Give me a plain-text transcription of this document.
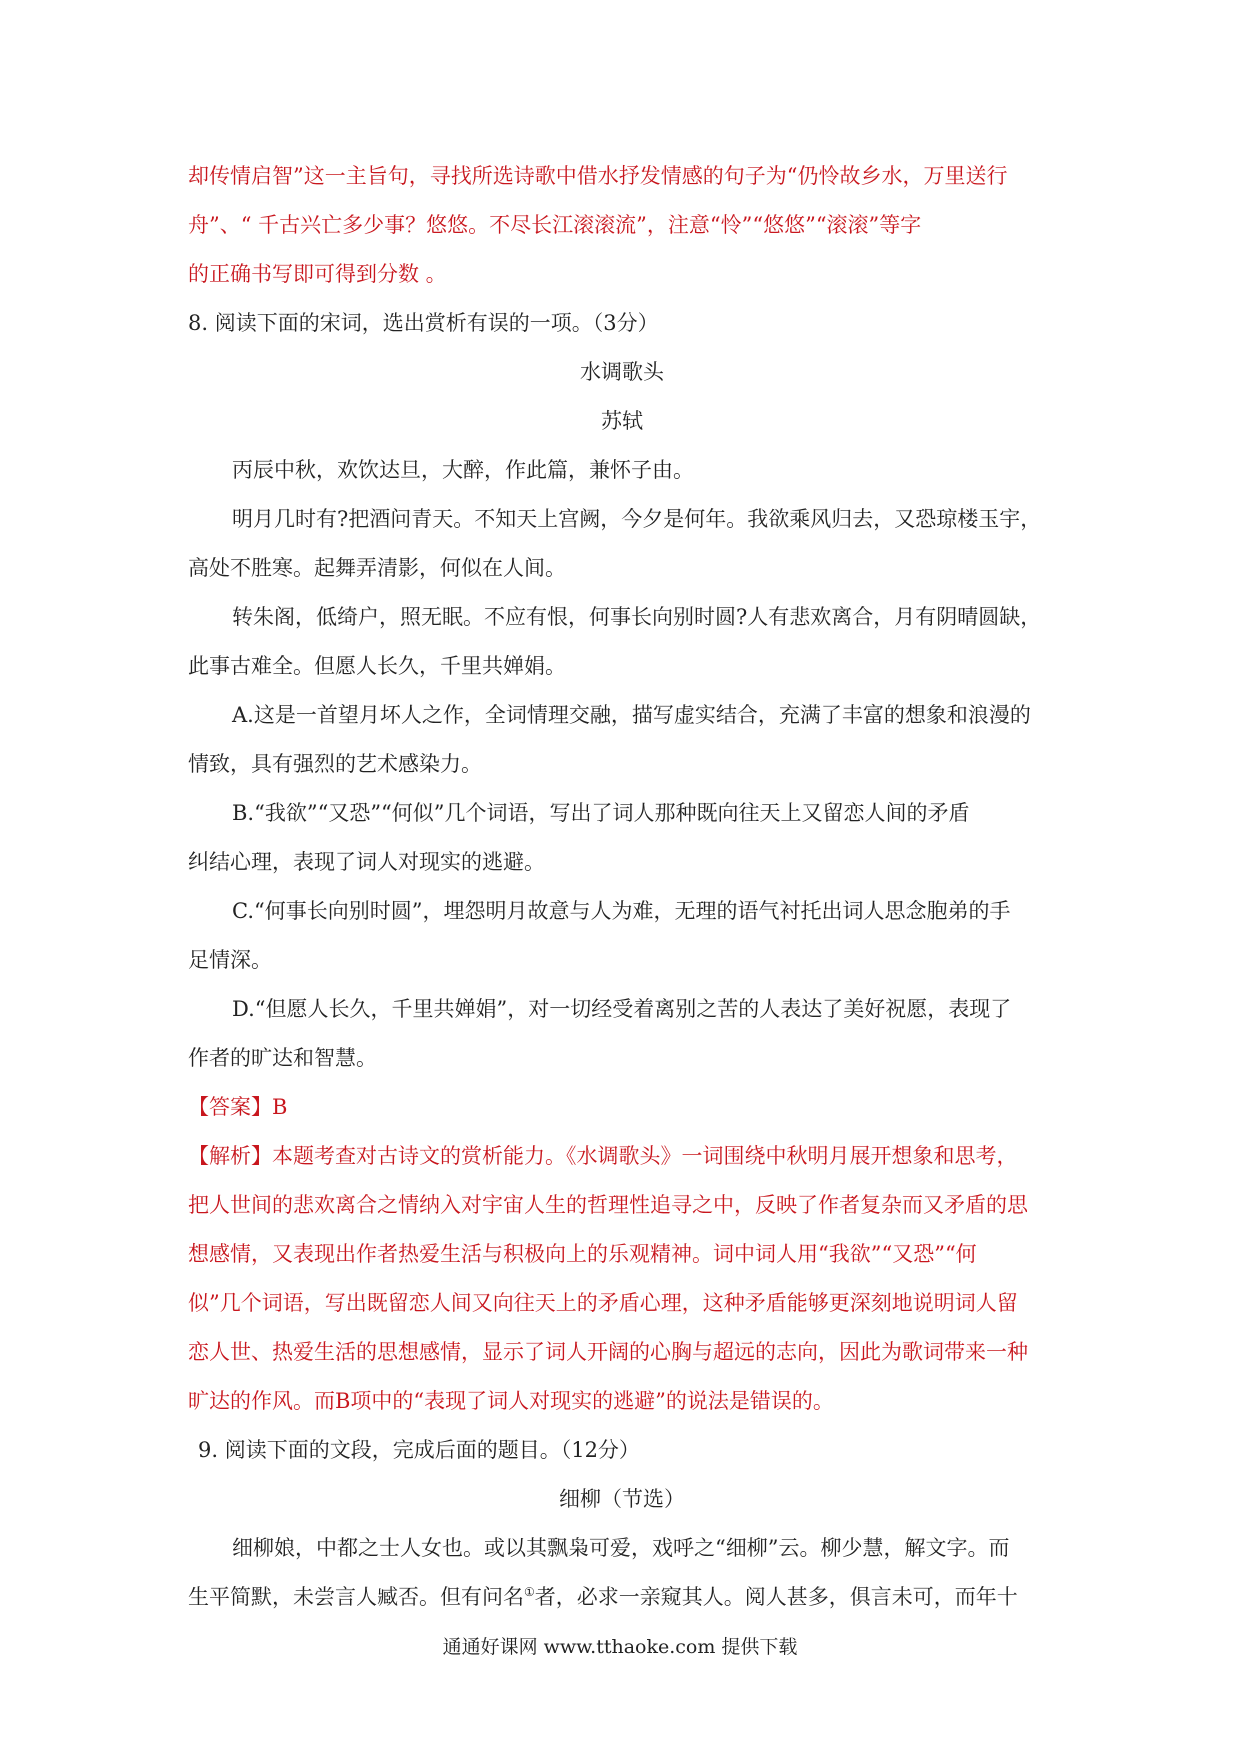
却传情启智”这一主旨句，寻找所选诗歌中借水抒发情感的句子为“仍怜故乡水，万里送行
舟”、“ 千古兴亡多少事？悠悠。不尽长江滚滚流”，注意“怜”“悠悠”“滚滚”等字
的正确书写即可得到分数 。
8. 阅读下面的宋词，选出赏析有误的一项。（3分）
水调歌头
苏轼
丙辰中秋，欢饮达旦，大醉，作此篇，兼怀子由。
明月几时有?把酒问青天。不知天上宫阙，今夕是何年。我欲乘风归去，又恐琼楼玉宇，
高处不胜寒。起舞弄清影，何似在人间。
转朱阁，低绮户，照无眠。不应有恨，何事长向别时圆?人有悲欢离合，月有阴晴圆缺，
此事古难全。但愿人长久，千里共婵娟。
A.这是一首望月坏人之作，全词情理交融，描写虚实结合，充满了丰富的想象和浪漫的
情致，具有强烈的艺术感染力。
B.“我欲”“又恐”“何似”几个词语，写出了词人那种既向往天上又留恋人间的矛盾
纠结心理，表现了词人对现实的逃避。
C.“何事长向别时圆”，埋怨明月故意与人为难，无理的语气衬托出词人思念胞弟的手
足情深。
D.“但愿人长久，千里共婵娟”，对一切经受着离别之苦的人表达了美好祝愿，表现了
作者的旷达和智慧。
【答案】B
【解析】本题考查对古诗文的赏析能力。《水调歌头》一词围绕中秋明月展开想象和思考，
把人世间的悲欢离合之情纳入对宇宙人生的哲理性追寻之中，反映了作者复杂而又矛盾的思
想感情，又表现出作者热爱生活与积极向上的乐观精神。词中词人用“我欲”“又恐”“何
似”几个词语，写出既留恋人间又向往天上的矛盾心理，这种矛盾能够更深刻地说明词人留
恋人世、热爱生活的思想感情，显示了词人开阔的心胸与超远的志向，因此为歌词带来一种
旷达的作风。而B项中的“表现了词人对现实的逃避”的说法是错误的。
9. 阅读下面的文段，完成后面的题目。（12分）
细柳（节选）
细柳娘，中都之士人女也。或以其飘枭可爱，戏呼之“细柳”云。柳少慧，解文字。而
生平简默，未尝言人臧否。但有问名①者，必求一亲窥其人。阅人甚多，俱言未可，而年十
通通好课网 www.tthaoke.com 提供下载
